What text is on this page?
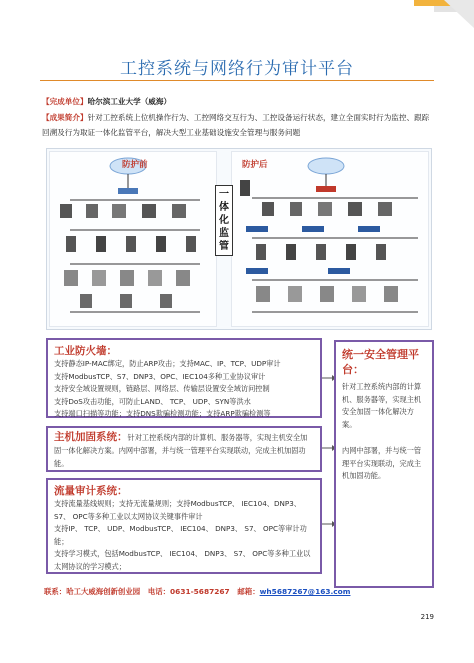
工控系统与网络行为审计平台
【完成单位】哈尔滨工业大学（威海）
【成果简介】针对工控系统上位机操作行为、工控网络交互行为、工控设备运行状态，建立全面实时行为监控、跟踪回溯及行为取证一体化监管平台，解决大型工业基础设施安全管理与服务问题
防护前	防护后
一体化监管
工业防火墙：
支持静态IP-MAC绑定，防止ARP攻击；支持MAC、IP、TCP、UDP审计
支持ModbusTCP、S7、DNP3、OPC、IEC104多种工业协议审计
支持安全域设置规则，链路层、网络层、传输层设置安全域访问控制
支持DoS攻击功能，可防止LAND、 TCP、 UDP、SYN等洪水
支持端口扫描等功能；支持DNS欺骗检测功能；支持ARP欺骗检测等
主机加固系统：针对工控系统内部的计算机、服务器等，实现主机安全加固一体化解决方案。内网中部署，并与统一管理平台实现联动，完成主机加固功能。
流量审计系统：
支持流量基线规则；支持无流量规则；支持ModbusTCP、 IEC104、DNP3、 S7、 OPC等多种工业以太网协议关键事件审计
支持IP、 TCP、 UDP、ModbusTCP、 IEC104、 DNP3、 S7、 OPC等审计功能；
支持学习模式，包括ModbusTCP、 IEC104、 DNP3、 S7、 OPC等多种工业以太网协议的学习模式；
统一安全管理平台：
针对工控系统内部的计算机、服务器等，实现主机安全加固一体化解决方案。
内网中部署，并与统一管理平台实现联动，完成主机加固功能。
联系：哈工大威海创新创业园 电话：0631-5687267 邮箱：wh5687267@163.com
219
